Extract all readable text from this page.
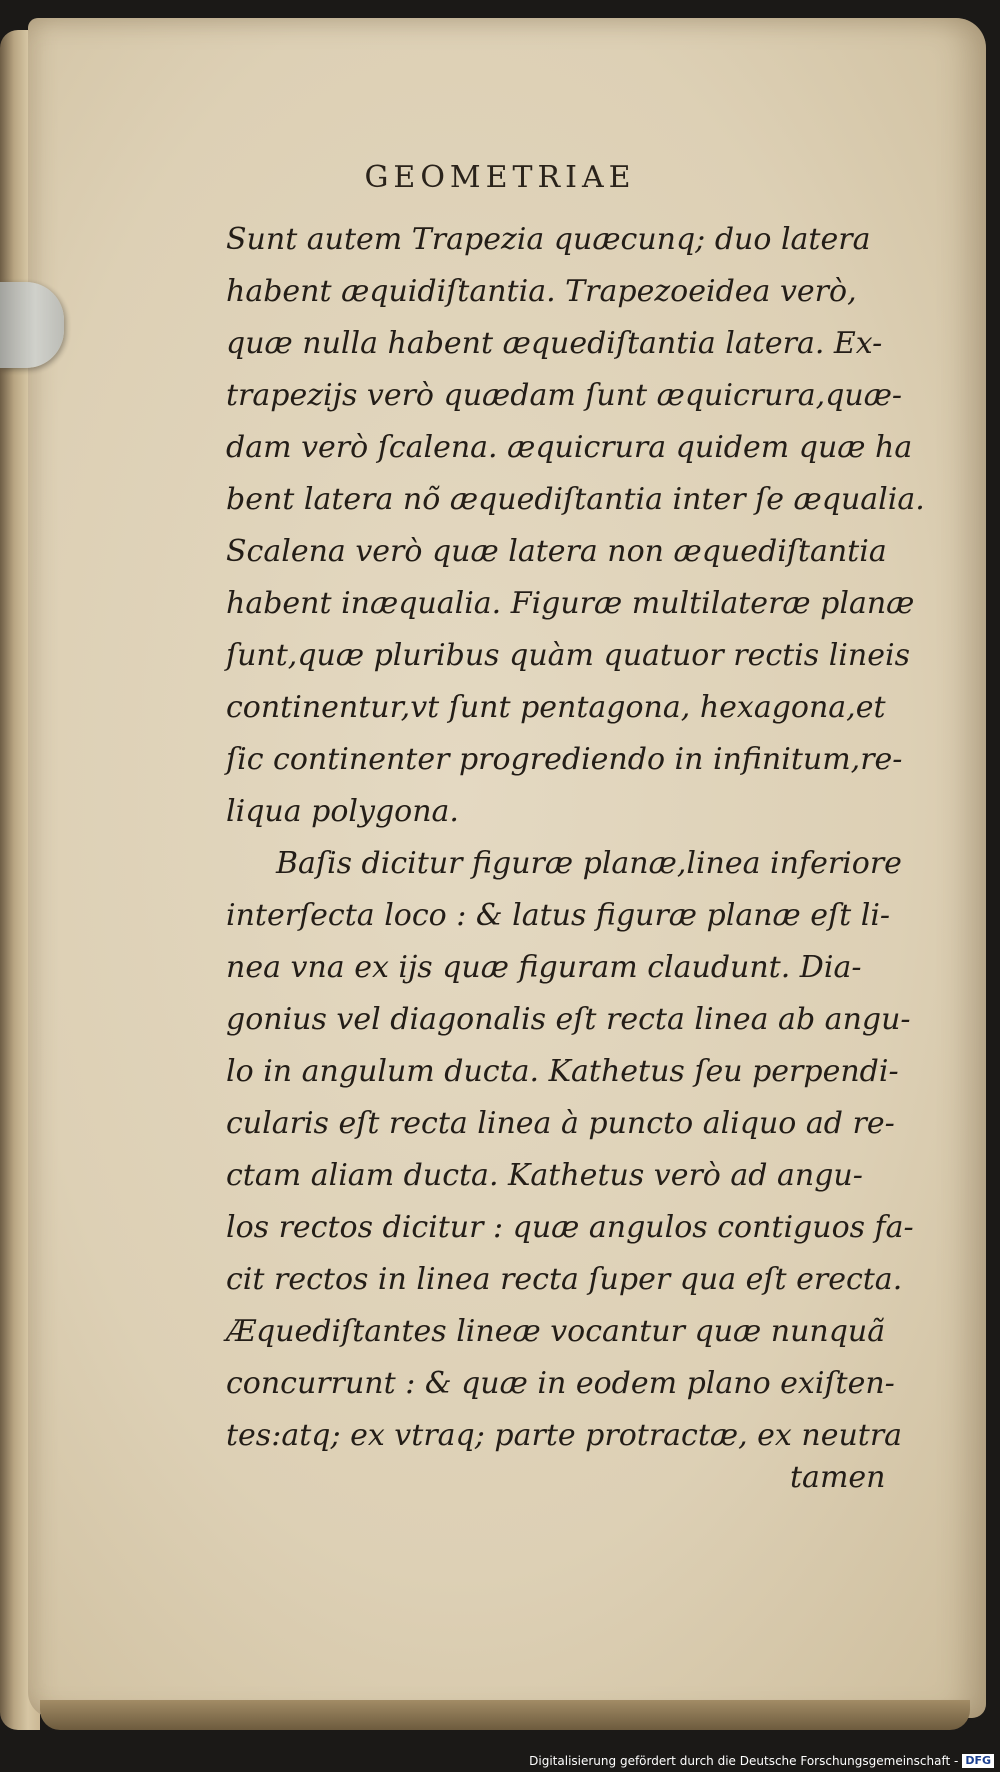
GEOMETRIAE
Sunt autem Trapezia quæcunq; duo latera
habent æquidiſtantia. Trapezoeidea verò,
quæ nulla habent æquediſtantia latera. Ex-
trapezijs verò quædam ſunt æquicrura,quæ-
dam verò ſcalena. æquicrura quidem quæ ha
bent latera nõ æquediſtantia inter ſe æqualia.
Scalena verò quæ latera non æquediſtantia
habent inæqualia. Figuræ multilateræ planæ
ſunt,quæ pluribus quàm quatuor rectis lineis
continentur,vt ſunt pentagona, hexagona,et
ſic continenter progrediendo in infinitum,re-
liqua polygona.
Baſis dicitur figuræ planæ,linea inferiore
interſecta loco : & latus figuræ planæ eſt li-
nea vna ex ijs quæ figuram claudunt. Dia-
gonius vel diagonalis eſt recta linea ab angu-
lo in angulum ducta. Kathetus ſeu perpendi-
cularis eſt recta linea à puncto aliquo ad re-
ctam aliam ducta. Kathetus verò ad angu-
los rectos dicitur : quæ angulos contiguos fa-
cit rectos in linea recta ſuper qua eſt erecta.
Æquediſtantes lineæ vocantur quæ nunquã
concurrunt : & quæ in eodem plano exiſten-
tes:atq; ex vtraq; parte protractæ, ex neutra
tamen
Digitalisierung gefördert durch die Deutsche Forschungsgemeinschaft - DFG
